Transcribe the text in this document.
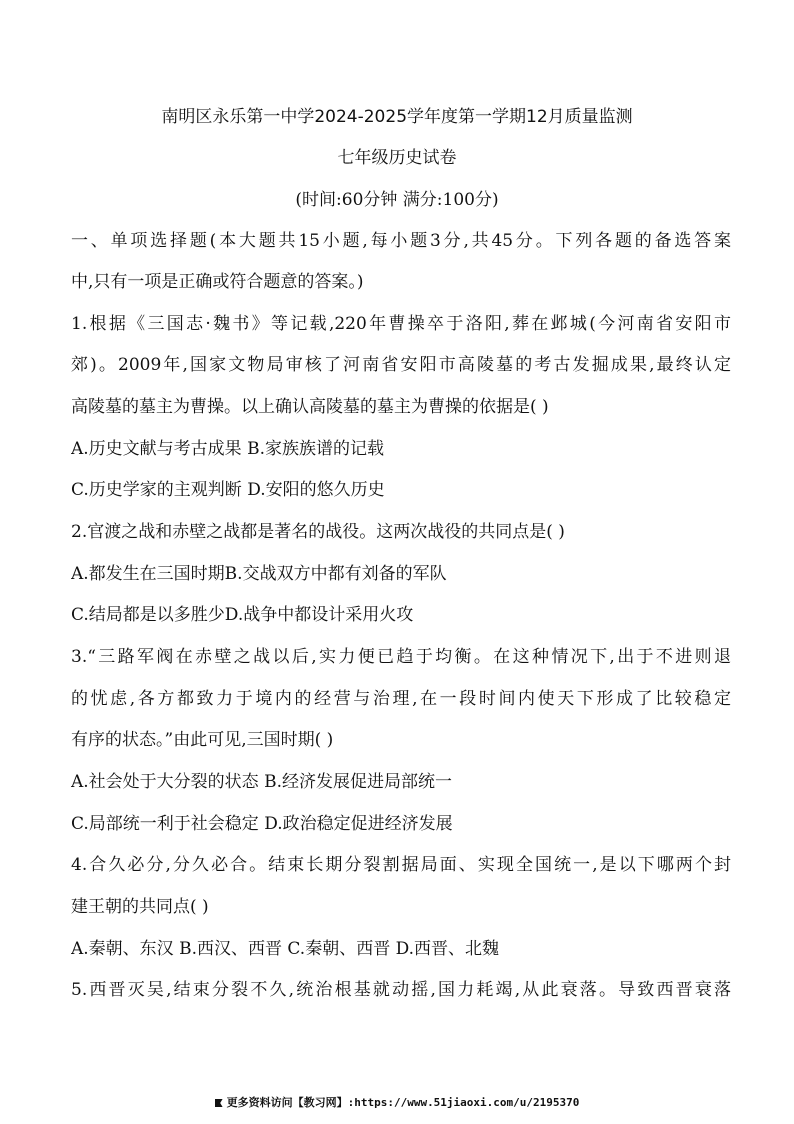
南明区永乐第一中学2024-2025学年度第一学期12月质量监测
七年级历史试卷
(时间:60分钟 满分:100分)
一、单项选择题(本大题共15小题,每小题3分,共45分。下列各题的备选答案
中,只有一项是正确或符合题意的答案。)
1.根据《三国志·魏书》等记载,220年曹操卒于洛阳,葬在邺城(今河南省安阳市
郊)。2009年,国家文物局审核了河南省安阳市高陵墓的考古发掘成果,最终认定
高陵墓的墓主为曹操。以上确认高陵墓的墓主为曹操的依据是( )
A.历史文献与考古成果 B.家族族谱的记载
C.历史学家的主观判断 D.安阳的悠久历史
2.官渡之战和赤壁之战都是著名的战役。这两次战役的共同点是( )
A.都发生在三国时期B.交战双方中都有刘备的军队
C.结局都是以多胜少D.战争中都设计采用火攻
3.“三路军阀在赤壁之战以后,实力便已趋于均衡。在这种情况下,出于不进则退
的忧虑,各方都致力于境内的经营与治理,在一段时间内使天下形成了比较稳定
有序的状态。”由此可见,三国时期( )
A.社会处于大分裂的状态 B.经济发展促进局部统一
C.局部统一利于社会稳定 D.政治稳定促进经济发展
4.合久必分,分久必合。结束长期分裂割据局面、实现全国统一,是以下哪两个封
建王朝的共同点( )
A.秦朝、东汉 B.西汉、西晋 C.秦朝、西晋 D.西晋、北魏
5.西晋灭吴,结束分裂不久,统治根基就动摇,国力耗竭,从此衰落。导致西晋衰落
更多资料访问【教习网】:https://www.51jiaoxi.com/u/2195370
